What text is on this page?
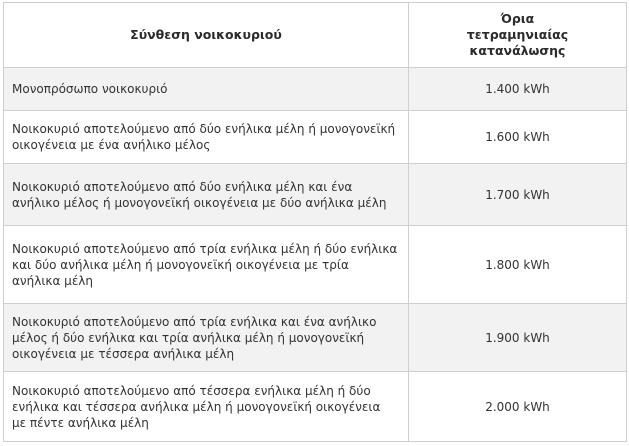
Σύνθεση νοικοκυριού	Όρια τετραμηνιαίας κατανάλωσης
Μονοπρόσωπο νοικοκυριό	1.400 kWh
Νοικοκυριό αποτελούμενο από δύο ενήλικα μέλη ή μονογονεϊκή οικογένεια με ένα ανήλικο μέλος	1.600 kWh
Νοικοκυριό αποτελούμενο από δύο ενήλικα μέλη και ένα ανήλικο μέλος ή μονογονεϊκή οικογένεια με δύο ανήλικα μέλη	1.700 kWh
Νοικοκυριό αποτελούμενο από τρία ενήλικα μέλη ή δύο ενήλικα και δύο ανήλικα μέλη ή μονογονεϊκή οικογένεια με τρία ανήλικα μέλη	1.800 kWh
Νοικοκυριό αποτελούμενο από τρία ενήλικα και ένα ανήλικο μέλος ή δύο ενήλικα και τρία ανήλικα μέλη ή μονογονεϊκή οικογένεια με τέσσερα ανήλικα μέλη	1.900 kWh
Νοικοκυριό αποτελούμενο από τέσσερα ενήλικα μέλη ή δύο ενήλικα και τέσσερα ανήλικα μέλη ή μονογονεϊκή οικογένεια με πέντε ανήλικα μέλη	2.000 kWh
